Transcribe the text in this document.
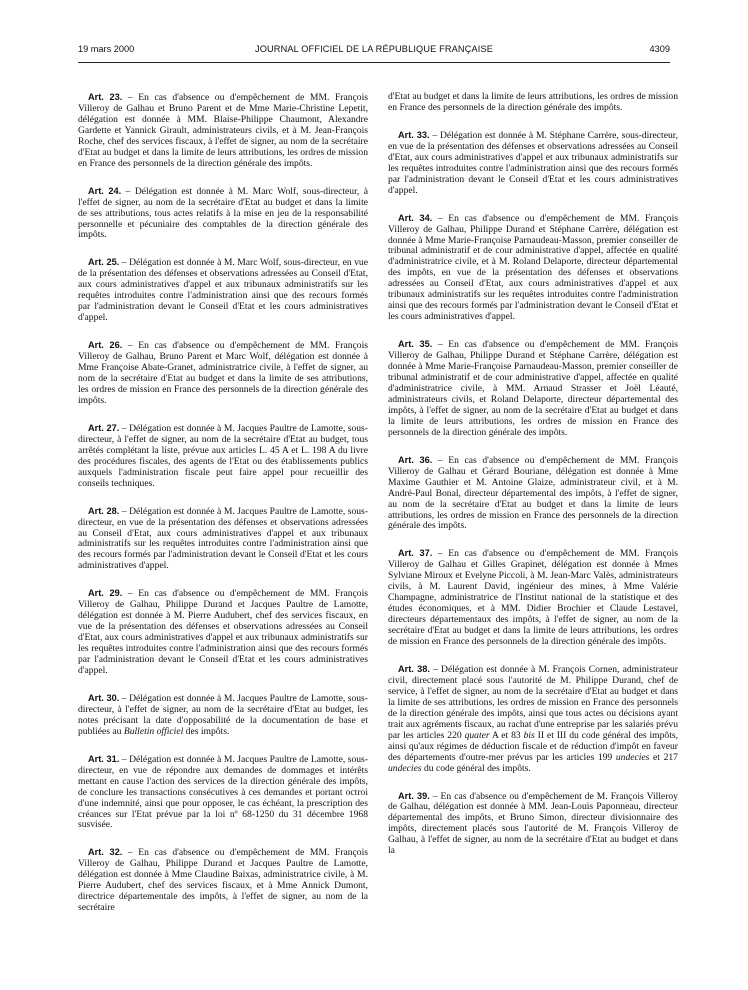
19 mars 2000	JOURNAL OFFICIEL DE LA RÉPUBLIQUE FRANÇAISE	4309

Art. 23. – En cas d'absence ou d'empêchement de MM. François Villeroy de Galhau et Bruno Parent et de Mme Marie-Christine Lepetit, délégation est donnée à MM. Blaise-Philippe Chaumont, Alexandre Gardette et Yannick Girault, administrateurs civils, et à M. Jean-François Roche, chef des services fiscaux, à l'effet de signer, au nom de la secrétaire d'Etat au budget et dans la limite de leurs attributions, les ordres de mission en France des personnels de la direction générale des impôts.

Art. 24. – Délégation est donnée à M. Marc Wolf, sous-directeur, à l'effet de signer, au nom de la secrétaire d'Etat au budget et dans la limite de ses attributions, tous actes relatifs à la mise en jeu de la responsabilité personnelle et pécuniaire des comptables de la direction générale des impôts.

Art. 25. – Délégation est donnée à M. Marc Wolf, sous-directeur, en vue de la présentation des défenses et observations adressées au Conseil d'Etat, aux cours administratives d'appel et aux tribunaux administratifs sur les requêtes introduites contre l'administration ainsi que des recours formés par l'administration devant le Conseil d'Etat et les cours administratives d'appel.

Art. 26. – En cas d'absence ou d'empêchement de MM. François Villeroy de Galhau, Bruno Parent et Marc Wolf, délégation est donnée à Mme Françoise Abate-Granet, administratrice civile, à l'effet de signer, au nom de la secrétaire d'Etat au budget et dans la limite de ses attributions, les ordres de mission en France des personnels de la direction générale des impôts.

Art. 27. – Délégation est donnée à M. Jacques Paultre de Lamotte, sous-directeur, à l'effet de signer, au nom de la secrétaire d'Etat au budget, tous arrêtés complétant la liste, prévue aux articles L. 45 A et L. 198 A du livre des procédures fiscales, des agents de l'Etat ou des établissements publics auxquels l'administration fiscale peut faire appel pour recueillir des conseils techniques.

Art. 28. – Délégation est donnée à M. Jacques Paultre de Lamotte, sous-directeur, en vue de la présentation des défenses et observations adressées au Conseil d'Etat, aux cours administratives d'appel et aux tribunaux administratifs sur les requêtes introduites contre l'administration ainsi que des recours formés par l'administration devant le Conseil d'Etat et les cours administratives d'appel.

Art. 29. – En cas d'absence ou d'empêchement de MM. François Villeroy de Galhau, Philippe Durand et Jacques Paultre de Lamotte, délégation est donnée à M. Pierre Audubert, chef des services fiscaux, en vue de la présentation des défenses et observations adressées au Conseil d'Etat, aux cours administratives d'appel et aux tribunaux administratifs sur les requêtes introduites contre l'administration ainsi que des recours formés par l'administration devant le Conseil d'Etat et les cours administratives d'appel.

Art. 30. – Délégation est donnée à M. Jacques Paultre de Lamotte, sous-directeur, à l'effet de signer, au nom de la secrétaire d'Etat au budget, les notes précisant la date d'opposabilité de la documentation de base et publiées au Bulletin officiel des impôts.

Art. 31. – Délégation est donnée à M. Jacques Paultre de Lamotte, sous-directeur, en vue de répondre aux demandes de dommages et intérêts mettant en cause l'action des services de la direction générale des impôts, de conclure les transactions consécutives à ces demandes et portant octroi d'une indemnité, ainsi que pour opposer, le cas échéant, la prescription des créances sur l'Etat prévue par la loi nº 68-1250 du 31 décembre 1968 susvisée.

Art. 32. – En cas d'absence ou d'empêchement de MM. François Villeroy de Galhau, Philippe Durand et Jacques Paultre de Lamotte, délégation est donnée à Mme Claudine Baixas, administratrice civile, à M. Pierre Audubert, chef des services fiscaux, et à Mme Annick Dumont, directrice départementale des impôts, à l'effet de signer, au nom de la secrétaire

d'Etat au budget et dans la limite de leurs attributions, les ordres de mission en France des personnels de la direction générale des impôts.

Art. 33. – Délégation est donnée à M. Stéphane Carrère, sous-directeur, en vue de la présentation des défenses et observations adressées au Conseil d'Etat, aux cours administratives d'appel et aux tribunaux administratifs sur les requêtes introduites contre l'administration ainsi que des recours formés par l'administration devant le Conseil d'Etat et les cours administratives d'appel.

Art. 34. – En cas d'absence ou d'empêchement de MM. François Villeroy de Galhau, Philippe Durand et Stéphane Carrère, délégation est donnée à Mme Marie-Françoise Parnaudeau-Masson, premier conseiller de tribunal administratif et de cour administrative d'appel, affectée en qualité d'administratrice civile, et à M. Roland Delaporte, directeur départemental des impôts, en vue de la présentation des défenses et observations adressées au Conseil d'Etat, aux cours administratives d'appel et aux tribunaux administratifs sur les requêtes introduites contre l'administration ainsi que des recours formés par l'administration devant le Conseil d'Etat et les cours administratives d'appel.

Art. 35. – En cas d'absence ou d'empêchement de MM. François Villeroy de Galhau, Philippe Durand et Stéphane Carrère, délégation est donnée à Mme Marie-Françoise Parnaudeau-Masson, premier conseiller de tribunal administratif et de cour administrative d'appel, affectée en qualité d'administratrice civile, à MM. Arnaud Strasser et Joël Léauté, administrateurs civils, et Roland Delaporte, directeur départemental des impôts, à l'effet de signer, au nom de la secrétaire d'Etat au budget et dans la limite de leurs attributions, les ordres de mission en France des personnels de la direction générale des impôts.

Art. 36. – En cas d'absence ou d'empêchement de MM. François Villeroy de Galhau et Gérard Bouriane, délégation est donnée à Mme Maxime Gauthier et M. Antoine Glaize, administrateur civil, et à M. André-Paul Bonal, directeur départemental des impôts, à l'effet de signer, au nom de la secrétaire d'Etat au budget et dans la limite de leurs attributions, les ordres de mission en France des personnels de la direction générale des impôts.

Art. 37. – En cas d'absence ou d'empêchement de MM. François Villeroy de Galhau et Gilles Grapinet, délégation est donnée à Mmes Sylviane Miroux et Evelyne Piccoli, à M. Jean-Marc Valès, administrateurs civils, à M. Laurent David, ingénieur des mines, à Mme Valérie Champagne, administratrice de l'Institut national de la statistique et des études économiques, et à MM. Didier Brochier et Claude Lestavel, directeurs départementaux des impôts, à l'effet de signer, au nom de la secrétaire d'Etat au budget et dans la limite de leurs attributions, les ordres de mission en France des personnels de la direction générale des impôts.

Art. 38. – Délégation est donnée à M. François Cornen, administrateur civil, directement placé sous l'autorité de M. Philippe Durand, chef de service, à l'effet de signer, au nom de la secrétaire d'Etat au budget et dans la limite de ses attributions, les ordres de mission en France des personnels de la direction générale des impôts, ainsi que tous actes ou décisions ayant trait aux agréments fiscaux, au rachat d'une entreprise par les salariés prévu par les articles 220 quater A et 83 bis II et III du code général des impôts, ainsi qu'aux régimes de déduction fiscale et de réduction d'impôt en faveur des départements d'outre-mer prévus par les articles 199 undecies et 217 undecies du code général des impôts.

Art. 39. – En cas d'absence ou d'empêchement de M. François Villeroy de Galhau, délégation est donnée à MM. Jean-Louis Paponneau, directeur départemental des impôts, et Bruno Simon, directeur divisionnaire des impôts, directement placés sous l'autorité de M. François Villeroy de Galhau, à l'effet de signer, au nom de la secrétaire d'Etat au budget et dans la
